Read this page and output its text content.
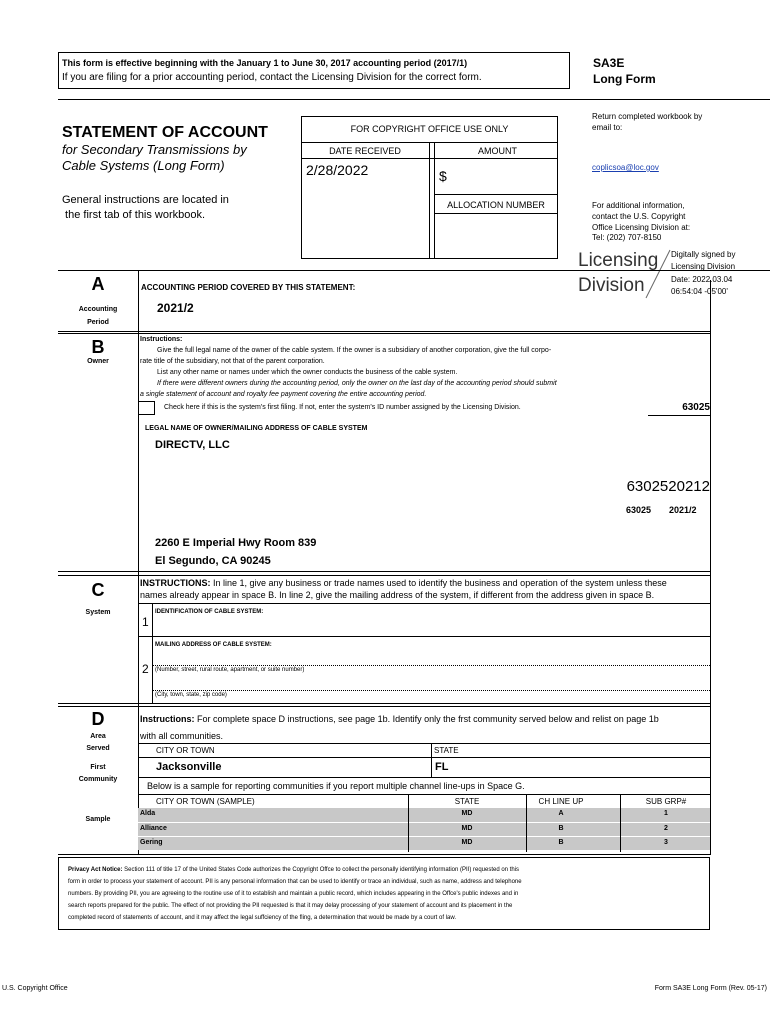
This form is effective beginning with the January 1 to June 30, 2017 accounting period (2017/1)
If you are filing for a prior accounting period, contact the Licensing Division for the correct form.
SA3E
Long Form
Return completed workbook by email to:
coplicsoa@loc.gov
For additional information, contact the U.S. Copyright Office Licensing Division at:
Tel: (202) 707-8150
STATEMENT OF ACCOUNT
for Secondary Transmissions by
Cable Systems (Long Form)
General instructions are located in
the first tab of this workbook.
FOR COPYRIGHT OFFICE USE ONLY
DATE RECEIVED	AMOUNT
2/28/2022	$
ALLOCATION NUMBER
Licensing
Division
Digitally signed by
Licensing Division
Date: 2022.03.04
06:54:04 -05'00'
A
Accounting
Period
ACCOUNTING PERIOD COVERED BY THIS STATEMENT:
2021/2
B
Owner
Instructions:
Give the full legal name of the owner of the cable system. If the owner is a subsidiary of another corporation, give the full corpo-
rate title of the subsidiary, not that of the parent corporation.
List any other name or names under which the owner conducts the business of the cable system.
If there were different owners during the accounting period, only the owner on the last day of the accounting period should submit
a single statement of account and royalty fee payment covering the entire accounting period.
Check here if this is the system's first filing. If not, enter the system's ID number assigned by the Licensing Division.	63025
LEGAL NAME OF OWNER/MAILING ADDRESS OF CABLE SYSTEM
DIRECTV, LLC
6302520212
63025 2021/2
2260 E Imperial Hwy Room 839
El Segundo, CA 90245
C
System
INSTRUCTIONS: In line 1, give any business or trade names used to identify the business and operation of the system unless these
names already appear in space B. In line 2, give the mailing address of the system, if different from the address given in space B.
1
IDENTIFICATION OF CABLE SYSTEM:
MAILING ADDRESS OF CABLE SYSTEM:
2 (Number, street, rural route, apartment, or suite number)
(City, town, state, zip code)
D
Area
Served
First
Community
Sample
Instructions: For complete space D instructions, see page 1b. Identify only the frst community served below and relist on page 1b
with all communities.
CITY OR TOWN	STATE
Jacksonville	FL
Below is a sample for reporting communities if you report multiple channel line-ups in Space G.
CITY OR TOWN (SAMPLE)	STATE	CH LINE UP	SUB GRP#
Alda	MD	A	1
Alliance	MD	B	2
Gering	MD	B	3
Privacy Act Notice: Section 111 of title 17 of the United States Code authorizes the Copyright Offce to collect the personally identifying information (PII) requested on this
form in order to process your statement of account. PII is any personal information that can be used to identify or trace an individual, such as name, address and telephone
numbers. By providing PII, you are agreeing to the routine use of it to establish and maintain a public record, which includes appearing in the Offce's public indexes and in
search reports prepared for the public. The effect of not providing the PII requested is that it may delay processing of your statement of account and its placement in the
completed record of statements of account, and it may affect the legal suffciency of the fling, a determination that would be made by a court of law.
U.S. Copyright Office	Form SA3E Long Form (Rev. 05-17)
